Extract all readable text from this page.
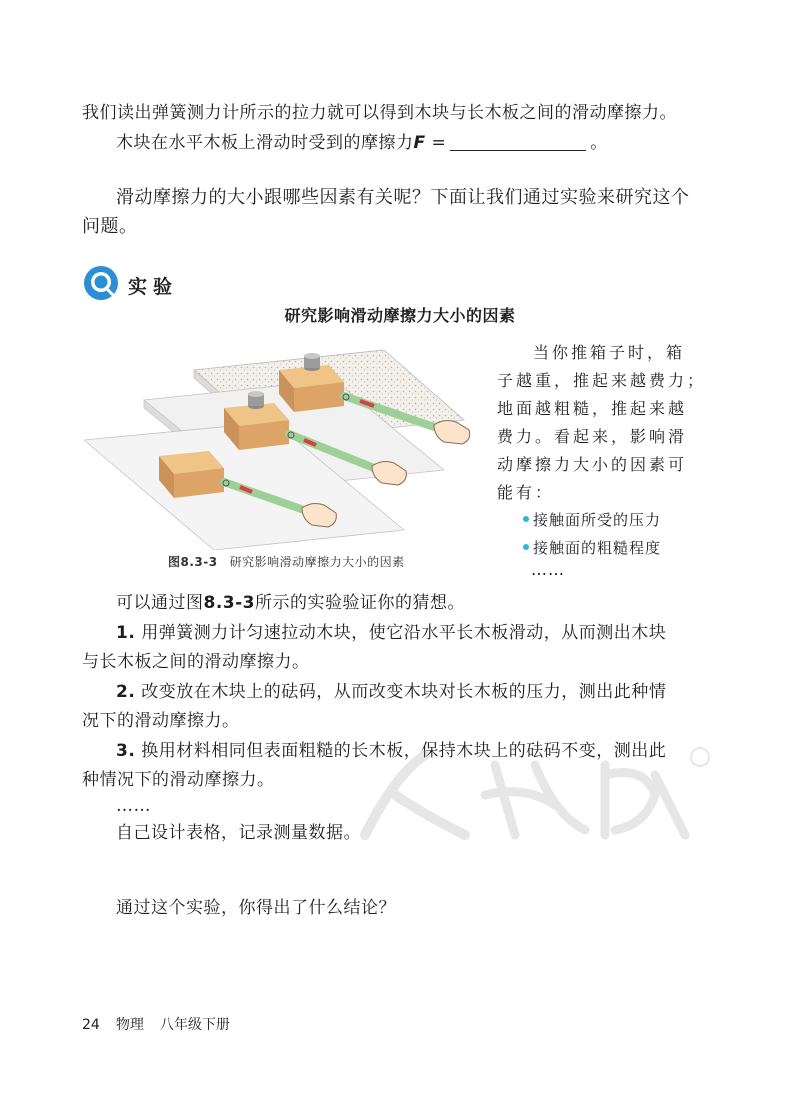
我们读出弹簧测力计所示的拉力就可以得到木块与长木板之间的滑动摩擦力。
木块在水平木板上滑动时受到的摩擦力F =	。
滑动摩擦力的大小跟哪些因素有关呢？下面让我们通过实验来研究这个
问题。
实验
研究影响滑动摩擦力大小的因素
当你推箱子时，箱
子越重，推起来越费力；
地面越粗糙，推起来越
费力。看起来，影响滑
动摩擦力大小的因素可
能有：
接触面所受的压力
接触面的粗糙程度
……
图8.3-3 研究影响滑动摩擦力大小的因素
可以通过图8.3-3所示的实验验证你的猜想。
1. 用弹簧测力计匀速拉动木块，使它沿水平长木板滑动，从而测出木块
与长木板之间的滑动摩擦力。
2. 改变放在木块上的砝码，从而改变木块对长木板的压力，测出此种情
况下的滑动摩擦力。
3. 换用材料相同但表面粗糙的长木板，保持木块上的砝码不变，测出此
种情况下的滑动摩擦力。
……
自己设计表格，记录测量数据。
通过这个实验，你得出了什么结论？
24 物理 八年级下册
